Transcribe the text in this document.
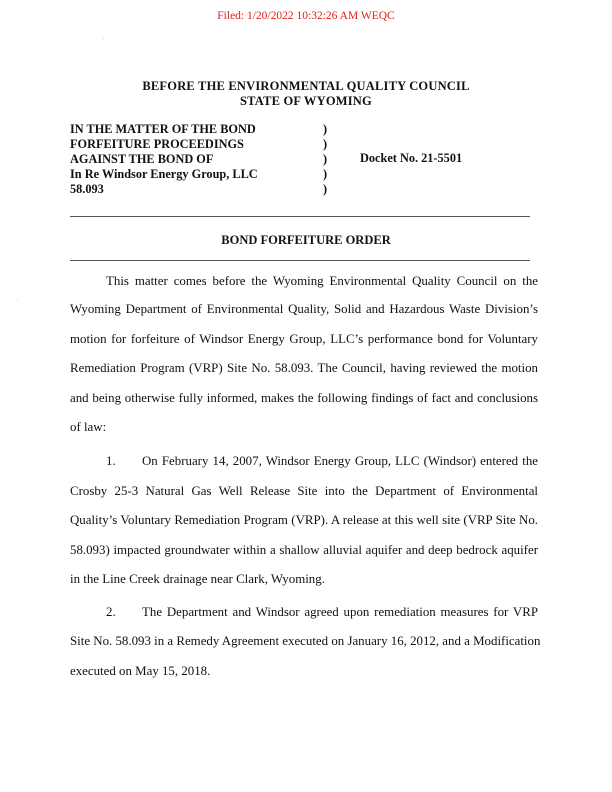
Filed: 1/20/2022 10:32:26 AM WEQC
BEFORE THE ENVIRONMENTAL QUALITY COUNCIL
STATE OF WYOMING
IN THE MATTER OF THE BOND
FORFEITURE PROCEEDINGS
AGAINST THE BOND OF
In Re Windsor Energy Group, LLC
58.093
)
)
)
)
)
Docket No. 21-5501
BOND FORFEITURE ORDER
This matter comes before the Wyoming Environmental Quality Council on the
Wyoming Department of Environmental Quality, Solid and Hazardous Waste Division’s
motion for forfeiture of Windsor Energy Group, LLC’s performance bond for Voluntary
Remediation Program (VRP) Site No. 58.093. The Council, having reviewed the motion
and being otherwise fully informed, makes the following findings of fact and conclusions
of law:
1. On February 14, 2007, Windsor Energy Group, LLC (Windsor) entered the
Crosby 25-3 Natural Gas Well Release Site into the Department of Environmental
Quality’s Voluntary Remediation Program (VRP). A release at this well site (VRP Site No.
58.093) impacted groundwater within a shallow alluvial aquifer and deep bedrock aquifer
in the Line Creek drainage near Clark, Wyoming.
2. The Department and Windsor agreed upon remediation measures for VRP
Site No. 58.093 in a Remedy Agreement executed on January 16, 2012, and a Modification
executed on May 15, 2018.
·
·
·
